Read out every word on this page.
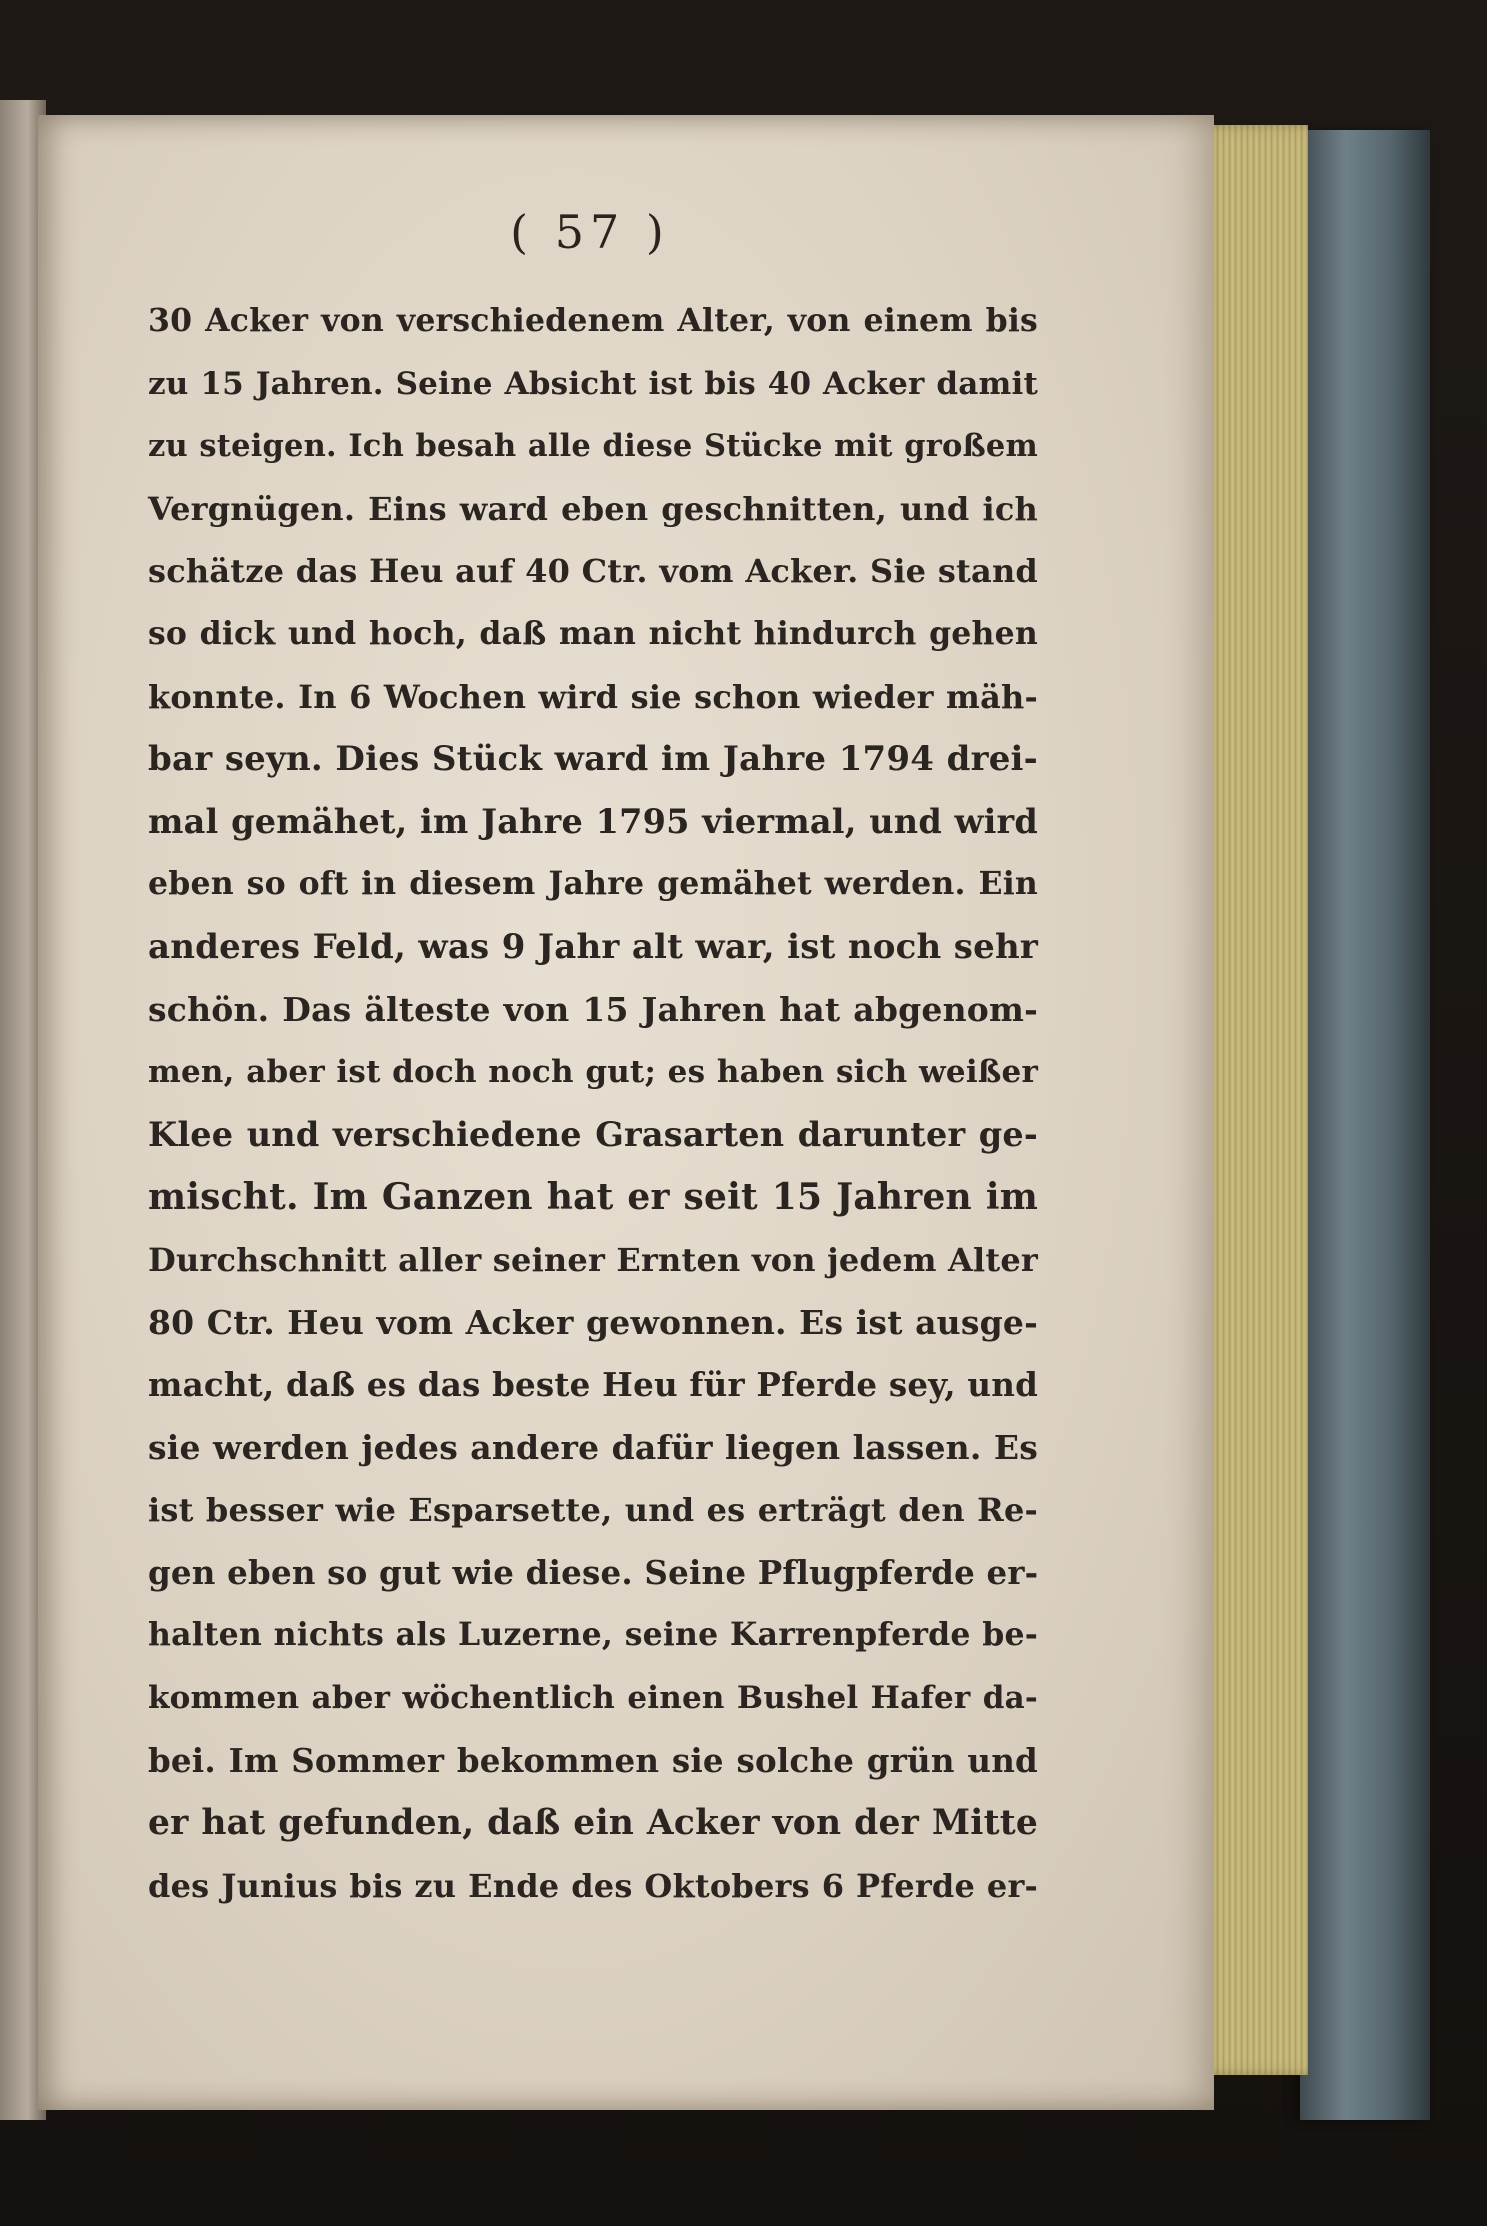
( 57 )
30 Acker von verschiedenem Alter, von einem bis
zu 15 Jahren. Seine Absicht ist bis 40 Acker damit
zu steigen. Ich besah alle diese Stücke mit großem
Vergnügen. Eins ward eben geschnitten, und ich
schätze das Heu auf 40 Ctr. vom Acker. Sie stand
so dick und hoch, daß man nicht hindurch gehen
konnte. In 6 Wochen wird sie schon wieder mäh-
bar seyn. Dies Stück ward im Jahre 1794 drei-
mal gemähet, im Jahre 1795 viermal, und wird
eben so oft in diesem Jahre gemähet werden. Ein
anderes Feld, was 9 Jahr alt war, ist noch sehr
schön. Das älteste von 15 Jahren hat abgenom-
men, aber ist doch noch gut; es haben sich weißer
Klee und verschiedene Grasarten darunter ge-
mischt. Im Ganzen hat er seit 15 Jahren im
Durchschnitt aller seiner Ernten von jedem Alter
80 Ctr. Heu vom Acker gewonnen. Es ist ausge-
macht, daß es das beste Heu für Pferde sey, und
sie werden jedes andere dafür liegen lassen. Es
ist besser wie Esparsette, und es erträgt den Re-
gen eben so gut wie diese. Seine Pflugpferde er-
halten nichts als Luzerne, seine Karrenpferde be-
kommen aber wöchentlich einen Bushel Hafer da-
bei. Im Sommer bekommen sie solche grün und
er hat gefunden, daß ein Acker von der Mitte
des Junius bis zu Ende des Oktobers 6 Pferde er-
